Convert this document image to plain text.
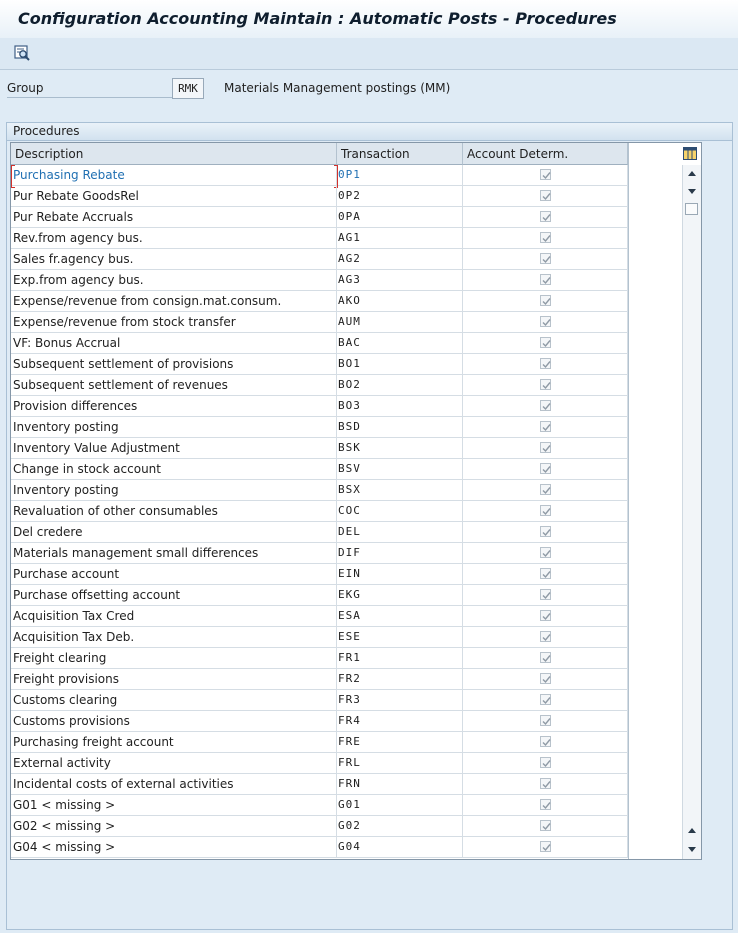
Configuration Accounting Maintain : Automatic Posts - Procedures
Group	RMK	Materials Management postings (MM)
Procedures
Description	Transaction	Account Determ.
Purchasing Rebate	0P1
Pur Rebate GoodsRel	0P2
Pur Rebate Accruals	0PA
Rev.from agency bus.	AG1
Sales fr.agency bus.	AG2
Exp.from agency bus.	AG3
Expense/revenue from consign.mat.consum.	AKO
Expense/revenue from stock transfer	AUM
VF: Bonus Accrual	BAC
Subsequent settlement of provisions	BO1
Subsequent settlement of revenues	BO2
Provision differences	BO3
Inventory posting	BSD
Inventory Value Adjustment	BSK
Change in stock account	BSV
Inventory posting	BSX
Revaluation of other consumables	COC
Del credere	DEL
Materials management small differences	DIF
Purchase account	EIN
Purchase offsetting account	EKG
Acquisition Tax Cred	ESA
Acquisition Tax Deb.	ESE
Freight clearing	FR1
Freight provisions	FR2
Customs clearing	FR3
Customs provisions	FR4
Purchasing freight account	FRE
External activity	FRL
Incidental costs of external activities	FRN
G01 < missing >	G01
G02 < missing >	G02
G04 < missing >	G04
